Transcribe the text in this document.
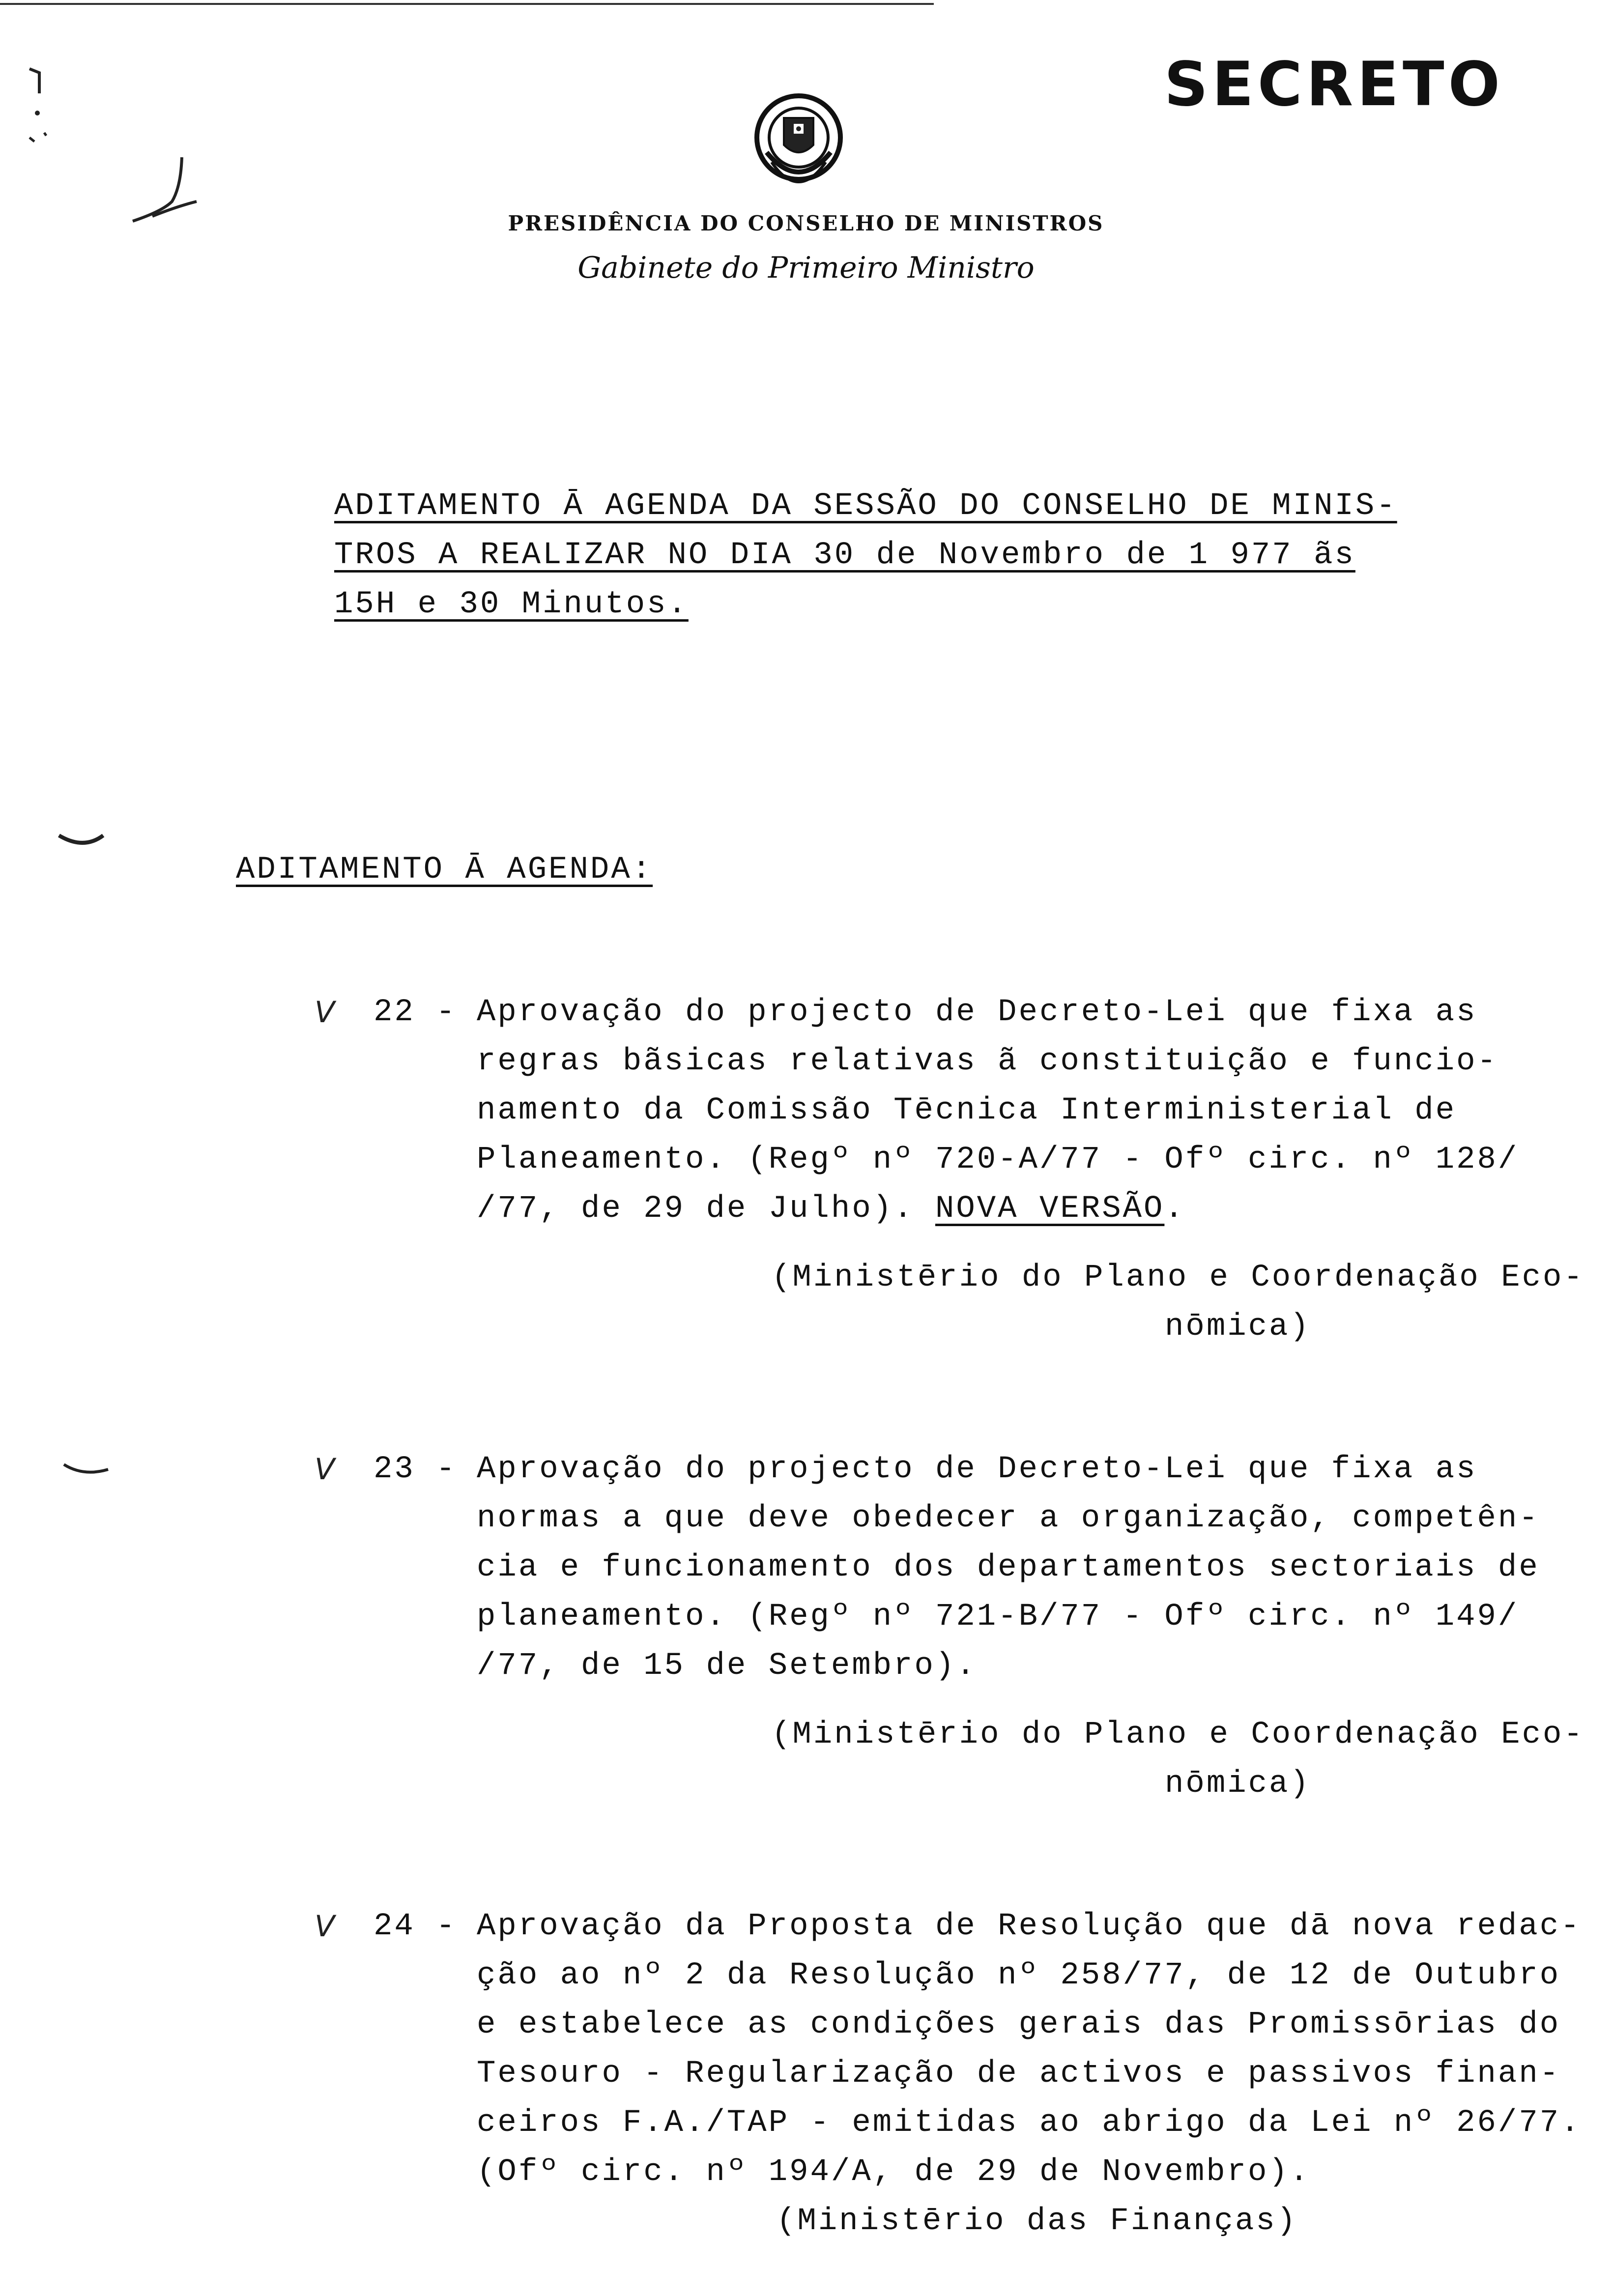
SECRETO
PRESIDÊNCIA DO CONSELHO DE MINISTROS
Gabinete do Primeiro Ministro
ADITAMENTO Ā AGENDA DA SESSÃO DO CONSELHO DE MINIS-
TROS A REALIZAR NO DIA 30 de Novembro de 1 977 ãs
15H e 30 Minutos.
ADITAMENTO Ā AGENDA:
V 22 - Aprovação do projecto de Decreto-Lei que fixa as
regras bãsicas relativas ã constituição e funcio-
namento da Comissão Tēcnica Interministerial de
Planeamento. (Regº nº 720-A/77 - Ofº circ. nº 128/
/77, de 29 de Julho). NOVA VERSÃO.
(Ministērio do Plano e Coordenação Eco-
nōmica)
V 23 - Aprovação do projecto de Decreto-Lei que fixa as
normas a que deve obedecer a organização, competên-
cia e funcionamento dos departamentos sectoriais de
planeamento. (Regº nº 721-B/77 - Ofº circ. nº 149/
/77, de 15 de Setembro).
(Ministērio do Plano e Coordenação Eco-
nōmica)
V 24 - Aprovação da Proposta de Resolução que dā nova redac-
ção ao nº 2 da Resolução nº 258/77, de 12 de Outubro
e estabelece as condições gerais das Promissōrias do
Tesouro - Regularização de activos e passivos finan-
ceiros F.A./TAP - emitidas ao abrigo da Lei nº 26/77.
(Ofº circ. nº 194/A, de 29 de Novembro).
(Ministērio das Finanças)
